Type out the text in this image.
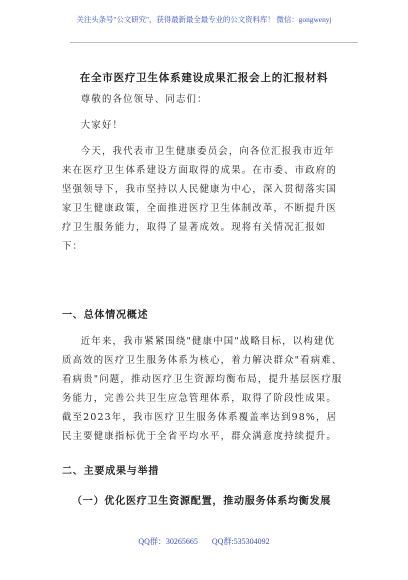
关注头条号"公文研究"，获得最新最全最专业的公文资料库！ 微信：gongwenyj
在全市医疗卫生体系建设成果汇报会上的汇报材料

尊敬的各位领导、同志们：

大家好！

今天，我代表市卫生健康委员会，向各位汇报我市近年来在医疗卫生体系建设方面取得的成果。在市委、市政府的坚强领导下，我市坚持以人民健康为中心，深入贯彻落实国家卫生健康政策，全面推进医疗卫生体制改革，不断提升医疗卫生服务能力，取得了显著成效。现将有关情况汇报如下：

一、总体情况概述

近年来，我市紧紧围绕"健康中国"战略目标，以构建优质高效的医疗卫生服务体系为核心，着力解决群众"看病难、看病贵"问题，推动医疗卫生资源均衡布局，提升基层医疗服务能力，完善公共卫生应急管理体系，取得了阶段性成果。截至2023年，我市医疗卫生服务体系覆盖率达到98%，居民主要健康指标优于全省平均水平，群众满意度持续提升。

二、主要成果与举措
（一）优化医疗卫生资源配置，推动服务体系均衡发展
QQ群：30265665 QQ群:535304092
